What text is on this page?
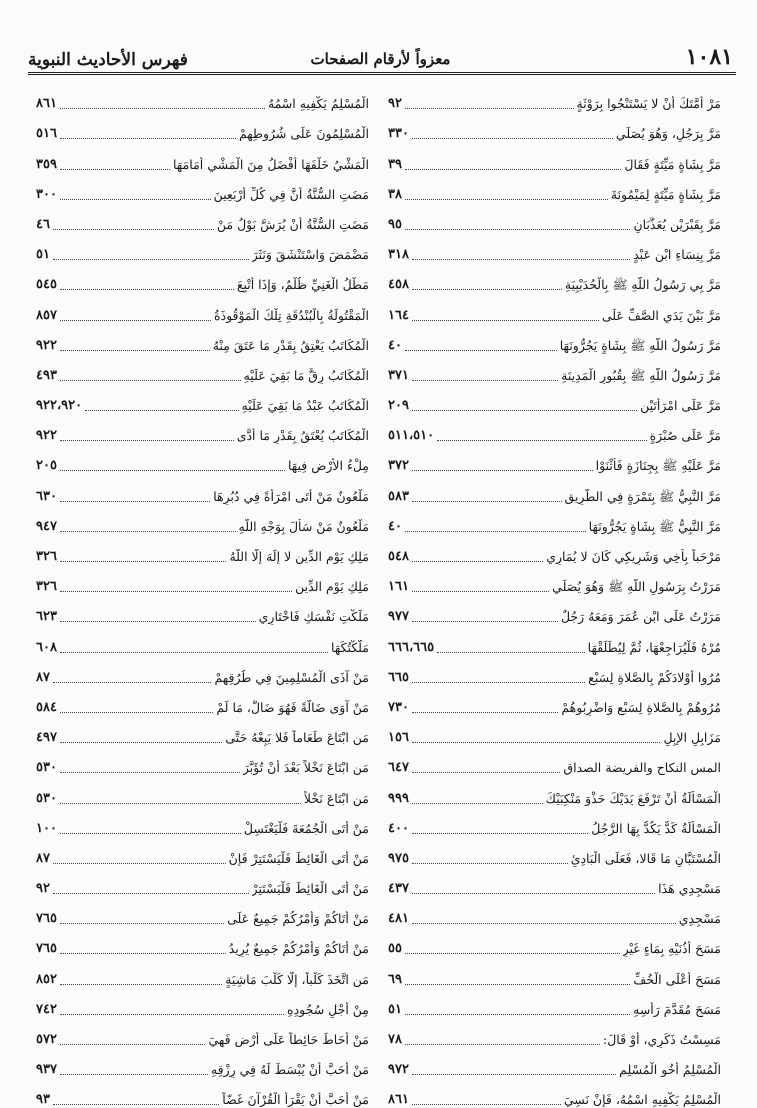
فهرس الأحاديث النبوية	معزواً لأرقام الصفحات	١٠٨١
مَرْ أُمَّتَكَ أَنْ لا يَسْتَنْجُوا بِرَوْثَةٍ
٩٢
مَرَّ بِرَجُلٍ، وَهُوَ يُصَلِّي
٣٣٠
مَرَّ بِشَاةٍ مَيِّتَةٍ فَقَالَ
٣٩
مَرَّ بِشَاةٍ مَيِّتَةٍ لِمَيْمُونَةَ
٣٨
مَرَّ بِقَبْرَيْنِ يُعَذَّبَانِ
٩٥
مَرَّ بِنِسَاءِ ابْنِ عَبْدٍ
٣١٨
مَرَّ بِي رَسُولُ اللَّهِ ﷺ بِالْحُدَيْبِيَةِ
٤٥٨
مَرَّ بَيْنَ يَدَيِ الصَّفِّ عَلَى
١٦٤
مَرَّ رَسُولُ اللَّهِ ﷺ بِشَاةٍ يَجُرُّونَهَا
٤٠
مَرَّ رَسُولُ اللَّهِ ﷺ بِقُبُورِ الْمَدِينَةِ
٣٧١
مَرَّ عَلَى امْرَأَتَيْنِ
٢٠٩
مَرَّ عَلَى صُبْرَةٍ
٥١١،٥١٠
مَرَّ عَلَيْهِ ﷺ بِجِنَازَةٍ فَأَثْنَوْا
٣٧٢
مَرَّ النَّبِيُّ ﷺ بِتَمْرَةٍ فِي الطَّرِيقِ
٥٨٣
مَرَّ النَّبِيُّ ﷺ بِشَاةٍ يَجُرُّونَهَا
٤٠
مَرْحَباً بِأَخِي وَشَرِيكِي كَانَ لا يُمَارِي
٥٤٨
مَرَرْتُ بِرَسُولِ اللَّهِ ﷺ وَهُوَ يُصَلِّي
١٦١
مَرَرْتُ عَلَى ابْنِ عُمَرَ وَمَعَهُ رَجُلٌ
٩٧٧
مُرْهُ فَلْيُرَاجِعْهَا، ثُمَّ لِيُطَلِّقْهَا
٦٦٦،٦٦٥
مُرُوا أَوْلادَكُمْ بِالصَّلاةِ لِسَبْعٍ
٦٦٥
مُرُوهُمْ بِالصَّلاةِ لِسَبْعٍ وَاضْرِبُوهُمْ
٧٣٠
مَزَابِلِ الإِبِلِ
١٥٦
المس النكاح والفريضة الصداق
٦٤٧
الْمَسْأَلَةُ أَنْ تَرْفَعَ يَدَيْكَ حَذْوَ مَنْكِبَيْكَ
٩٩٩
الْمَسْأَلَةُ كَدٌّ يَكُدُّ بِهَا الرَّجُلُ
٤٠٠
الْمُسْتَبَّانِ مَا قَالا، فَعَلَى الْبَادِئِ
٩٧٥
مَسْجِدِي هَذَا
٤٣٧
مَسْجِدِي
٤٨١
مَسَحَ أُذُنَيْهِ بِمَاءٍ غَيْرِ
٥٥
مَسَحَ أَعْلَى الْخُفِّ
٦٩
مَسَحَ مُقَدَّمَ رَأْسِهِ
٥١
مَسِسْتُ ذَكَرِي، أَوْ قَالَ:
٧٨
الْمُسْلِمُ أَخُو الْمُسْلِمِ
٩٧٢
الْمُسْلِمُ يَكْفِيهِ اسْمُهُ، فَإِنْ نَسِيَ
٨٦١
الْمُسْلِمُ يَكْفِيهِ اسْمُهُ
٨٦١
الْمُسْلِمُونَ عَلَى شُرُوطِهِمْ
٥١٦
الْمَشْيُ خَلْفَهَا أَفْضَلُ مِنَ الْمَشْيِ أَمَامَهَا
٣٥٩
مَضَتِ السُّنَّةُ أَنَّ فِي كُلِّ أَرْبَعِينَ
٣٠٠
مَضَتِ السُّنَّةُ أَنْ يُرَشَّ بَوْلُ مَنْ
٤٦
مَضْمَضَ وَاسْتَنْشَقَ وَنَثَرَ
٥١
مَطْلُ الْغَنِيِّ ظُلْمٌ، وَإِذَا أُتْبِعَ
٥٤٥
الْمَقْتُولَةُ بِالْبُنْدُقَةِ تِلْكَ الْمَوْقُوذَةُ
٨٥٧
الْمُكَاتَبُ يَعْتِقُ بِقَدْرِ مَا عَتَقَ مِنْهُ
٩٢٢
الْمُكَاتَبُ رِقٌّ مَا بَقِيَ عَلَيْهِ
٤٩٣
الْمُكَاتَبُ عَبْدٌ مَا بَقِيَ عَلَيْهِ
٩٢٢،٩٢٠
الْمُكَاتَبُ يُعْتَقُ بِقَدْرِ مَا أَدَّى
٩٢٢
مِلْءُ الأَرْضِ فِيهَا
٢٠٥
مَلْعُونٌ مَنْ أَتَى امْرَأَةً فِي دُبُرِهَا
٦٣٠
مَلْعُونٌ مَنْ سَأَلَ بِوَجْهِ اللَّهِ
٩٤٧
مَلِكِ يَوْمِ الدِّينِ لا إِلَهَ إِلَّا اللَّهُ
٣٢٦
مَلِكِ يَوْمِ الدِّينِ
٣٢٦
مَلَكْتِ نَفْسَكِ فَاخْتَارِي
٦٢٣
مَلَّكْتُكَهَا
٦٠٨
مَنْ آذَى الْمُسْلِمِينَ فِي طُرُقِهِمْ
٨٧
مَنْ آوَى ضَالَّةً فَهُوَ ضَالٌّ، مَا لَمْ
٥٨٤
مَنِ ابْتَاعَ طَعَاماً فَلا يَبِعْهُ حَتَّى
٤٩٧
مَنِ ابْتَاعَ نَخْلاً بَعْدَ أَنْ تُؤَبَّرَ
٥٣٠
مَنِ ابْتَاعَ نَخْلاً
٥٣٠
مَنْ أَتَى الْجُمُعَةَ فَلْيَغْتَسِلْ
١٠٠
مَنْ أَتَى الْغَائِطَ فَلْيَسْتَتِرْ فَإِنْ
٨٧
مَنْ أَتَى الْغَائِطَ فَلْيَسْتَتِرْ
٩٢
مَنْ أَتَاكُمْ وَأَمْرُكُمْ جَمِيعٌ عَلَى
٧٦٥
مَنْ أَتَاكُمْ وَأَمْرُكُمْ جَمِيعٌ يُرِيدُ
٧٦٥
مَنِ اتَّخَذَ كَلْباً، إِلَّا كَلْبَ مَاشِيَةٍ
٨٥٢
مِنْ أَجْلِ سُجُودِهِ
٧٤٢
مَنْ أَحَاطَ حَائِطاً عَلَى أَرْضٍ فَهِيَ
٥٧٢
مَنْ أَحَبَّ أَنْ يُبْسَطَ لَهُ فِي رِزْقِهِ
٩٣٧
مَنْ أَحَبَّ أَنْ يَقْرَأَ الْقُرْآنَ غَضّاً
٩٣
